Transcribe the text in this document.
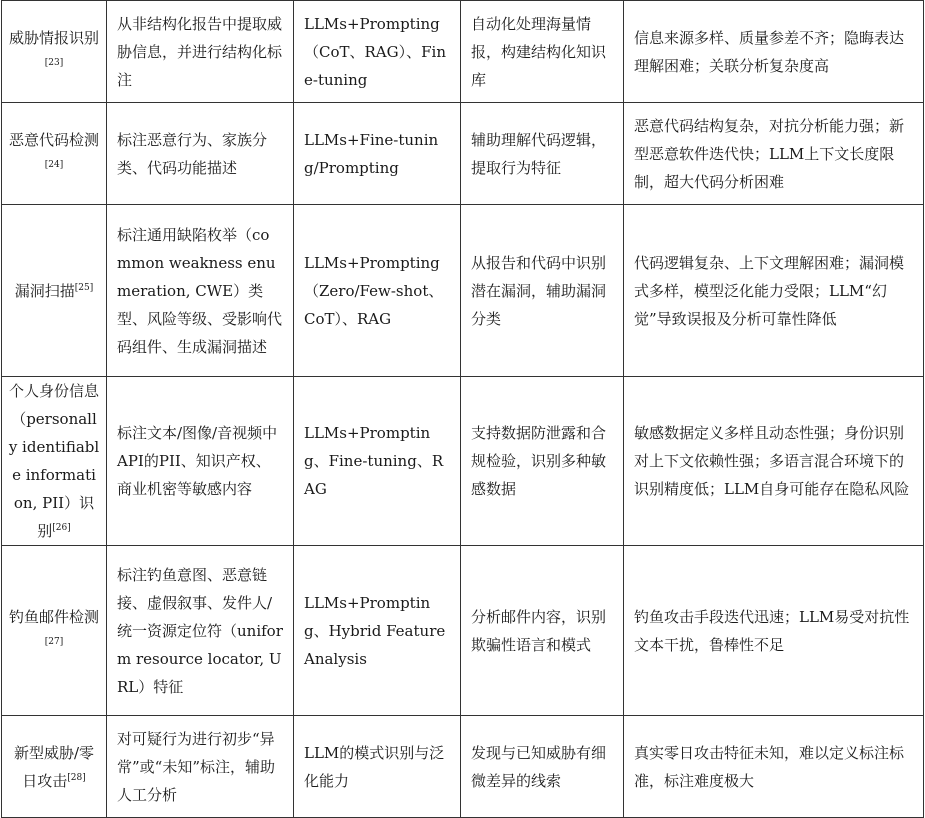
威胁情报识别[23]	从非结构化报告中提取威胁信息，并进行结构化标注	LLMs+Prompting（CoT、RAG）、Fine-tuning	自动化处理海量情报，构建结构化知识库	信息来源多样、质量参差不齐；隐晦表达理解困难；关联分析复杂度高
恶意代码检测[24]	标注恶意行为、家族分类、代码功能描述	LLMs+Fine-tuning/Prompting	辅助理解代码逻辑，提取行为特征	恶意代码结构复杂，对抗分析能力强；新型恶意软件迭代快；LLM上下文长度限制，超大代码分析困难
漏洞扫描[25]	标注通用缺陷枚举（common weakness enumeration, CWE）类型、风险等级、受影响代码组件、生成漏洞描述	LLMs+Prompting（Zero/Few-shot、CoT）、RAG	从报告和代码中识别潜在漏洞，辅助漏洞分类	代码逻辑复杂、上下文理解困难；漏洞模式多样，模型泛化能力受限；LLM“幻觉”导致误报及分析可靠性降低
个人身份信息（personally identifiable information, PII）识别[26]	标注文本/图像/音视频中API的PII、知识产权、商业机密等敏感内容	LLMs+Prompting、Fine-tuning、RAG	支持数据防泄露和合规检验，识别多种敏感数据	敏感数据定义多样且动态性强；身份识别对上下文依赖性强；多语言混合环境下的识别精度低；LLM自身可能存在隐私风险
钓鱼邮件检测[27]	标注钓鱼意图、恶意链接、虚假叙事、发件人/统一资源定位符（uniform resource locator, URL）特征	LLMs+Prompting、Hybrid Feature Analysis	分析邮件内容，识别欺骗性语言和模式	钓鱼攻击手段迭代迅速；LLM易受对抗性文本干扰，鲁棒性不足
新型威胁/零日攻击[28]	对可疑行为进行初步“异常”或“未知”标注，辅助人工分析	LLM的模式识别与泛化能力	发现与已知威胁有细微差异的线索	真实零日攻击特征未知，难以定义标注标准，标注难度极大
